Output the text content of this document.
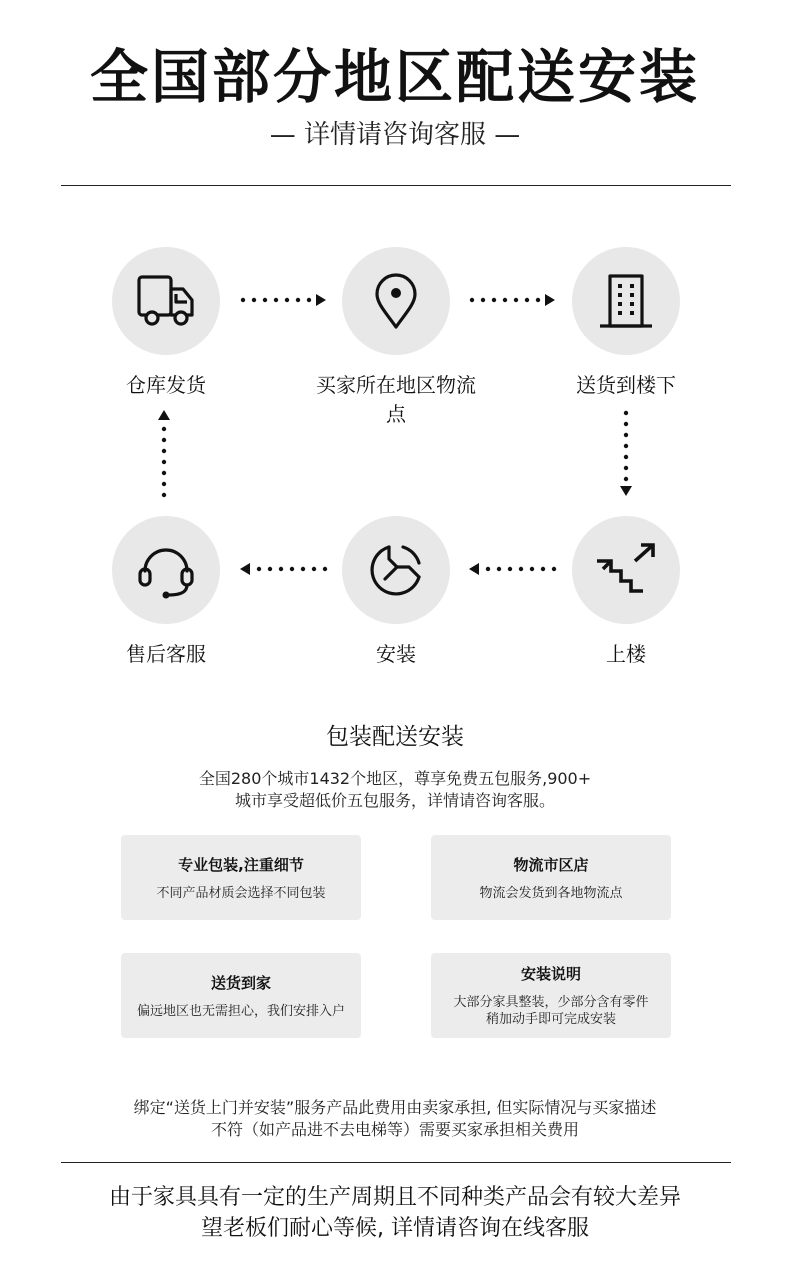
全国部分地区配送安装
— 详情请咨询客服 —
仓库发货	买家所在地区物流点
送货到楼下
售后客服	安装	上楼
包装配送安装
全国280个城市1432个地区，尊享免费五包服务,900+
城市享受超低价五包服务，详情请咨询客服。
专业包装,注重细节
不同产品材质会选择不同包装
物流市区店
物流会发货到各地物流点
送货到家
偏远地区也无需担心，我们安排入户
安装说明
大部分家具整装，少部分含有零件
稍加动手即可完成安装
绑定“送货上门并安装”服务产品此费用由卖家承担, 但实际情况与买家描述
不符（如产品进不去电梯等）需要买家承担相关费用
由于家具具有一定的生产周期且不同种类产品会有较大差异
望老板们耐心等候, 详情请咨询在线客服
